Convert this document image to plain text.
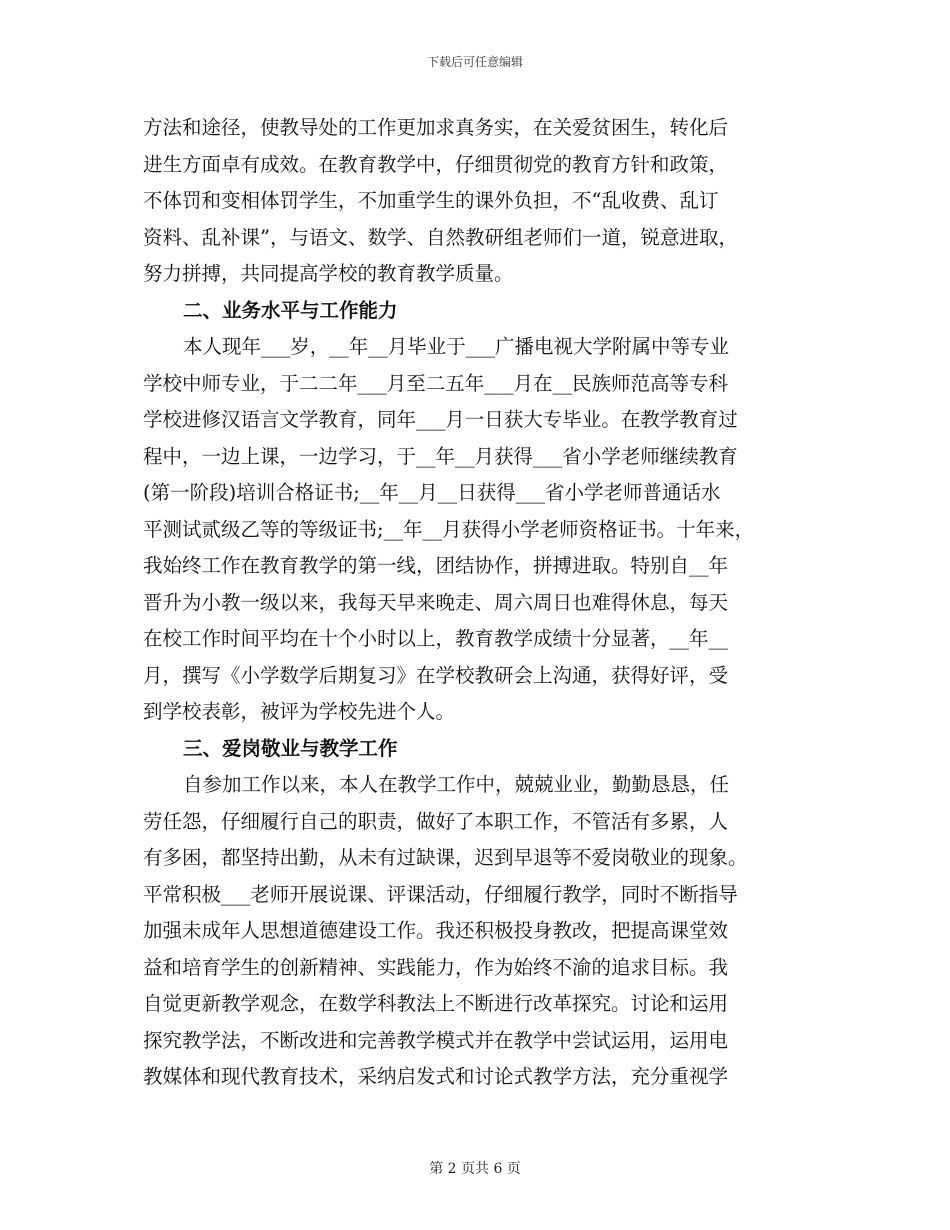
下载后可任意编辑
方法和途径，使教导处的工作更加求真务实，在关爱贫困生，转化后
进生方面卓有成效。在教育教学中，仔细贯彻党的教育方针和政策，
不体罚和变相体罚学生，不加重学生的课外负担，不“乱收费、乱订
资料、乱补课”，与语文、数学、自然教研组老师们一道，锐意进取，
努力拼搏，共同提高学校的教育教学质量。
二、业务水平与工作能力
本人现年___岁，__年__月毕业于___广播电视大学附属中等专业
学校中师专业，于二二年___月至二五年___月在__民族师范高等专科
学校进修汉语言文学教育，同年___月一日获大专毕业。在教学教育过
程中，一边上课，一边学习，于__年__月获得___省小学老师继续教育
(第一阶段)培训合格证书;__年__月__日获得___省小学老师普通话水
平测试贰级乙等的等级证书;__年__月获得小学老师资格证书。十年来，
我始终工作在教育教学的第一线，团结协作，拼搏进取。特别自__年
晋升为小教一级以来，我每天早来晚走、周六周日也难得休息，每天
在校工作时间平均在十个小时以上，教育教学成绩十分显著，__年__
月，撰写《小学数学后期复习》在学校教研会上沟通，获得好评，受
到学校表彰，被评为学校先进个人。
三、爱岗敬业与教学工作
自参加工作以来，本人在教学工作中，兢兢业业，勤勤恳恳，任
劳任怨，仔细履行自己的职责，做好了本职工作，不管活有多累，人
有多困，都坚持出勤，从未有过缺课，迟到早退等不爱岗敬业的现象。
平常积极___老师开展说课、评课活动，仔细履行教学，同时不断指导
加强未成年人思想道德建设工作。我还积极投身教改，把提高课堂效
益和培育学生的创新精神、实践能力，作为始终不渝的追求目标。我
自觉更新教学观念，在数学科教法上不断进行改革探究。讨论和运用
探究教学法，不断改进和完善教学模式并在教学中尝试运用，运用电
教媒体和现代教育技术，采纳启发式和讨论式教学方法，充分重视学
第 2 页共 6 页
